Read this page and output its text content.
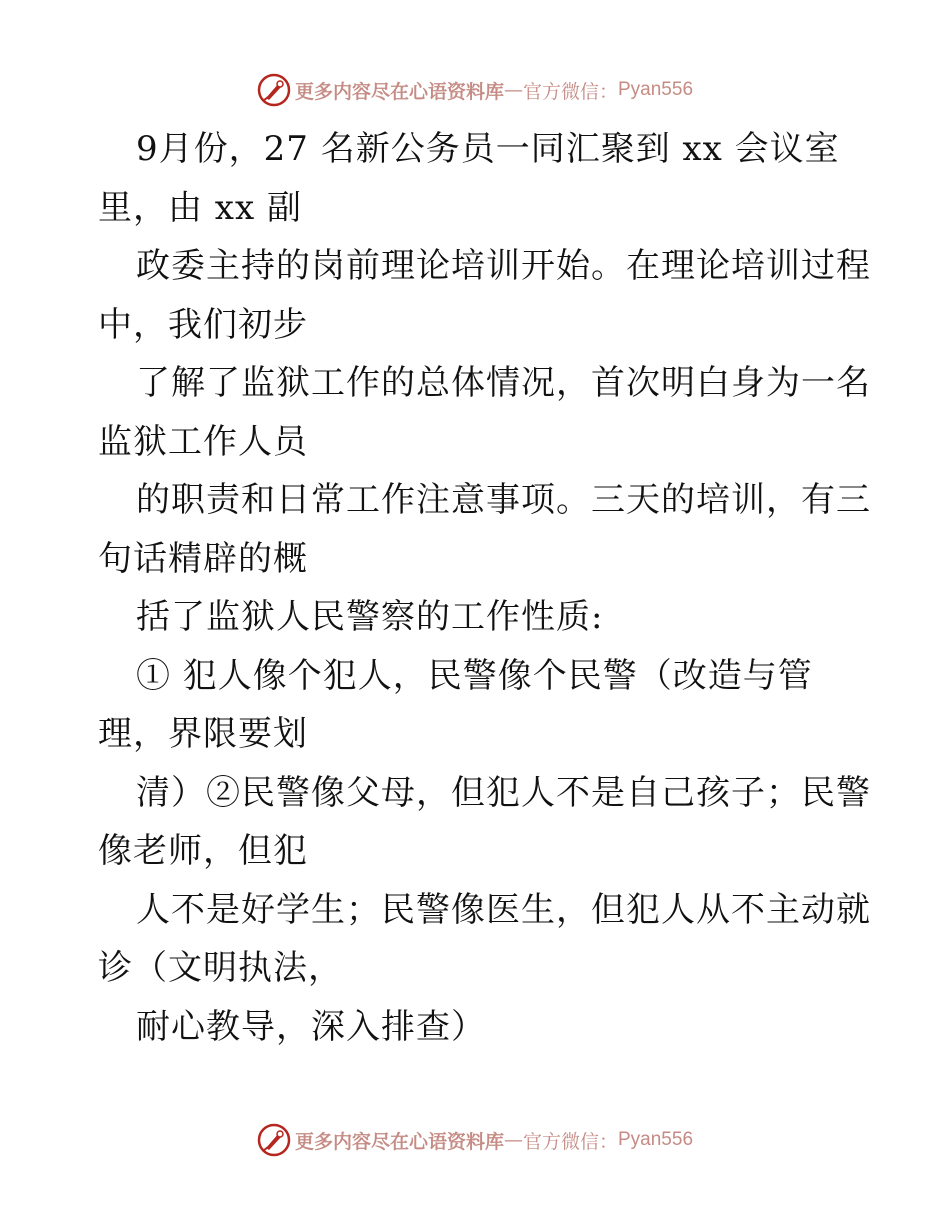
更多内容尽在心语资料库 — 官方微信： Pyan556
9月份，27 名新公务员一同汇聚到 xx 会议室
里，由 xx 副
政委主持的岗前理论培训开始。在理论培训过程
中，我们初步
了解了监狱工作的总体情况，首次明白身为一名
监狱工作人员
的职责和日常工作注意事项。三天的培训，有三
句话精辟的概
括了监狱人民警察的工作性质:
① 犯人像个犯人，民警像个民警（改造与管
理，界限要划
清）②民警像父母，但犯人不是自己孩子；民警
像老师，但犯
人不是好学生；民警像医生，但犯人从不主动就
诊（文明执法，
耐心教导，深入排查）
更多内容尽在心语资料库 — 官方微信： Pyan556
